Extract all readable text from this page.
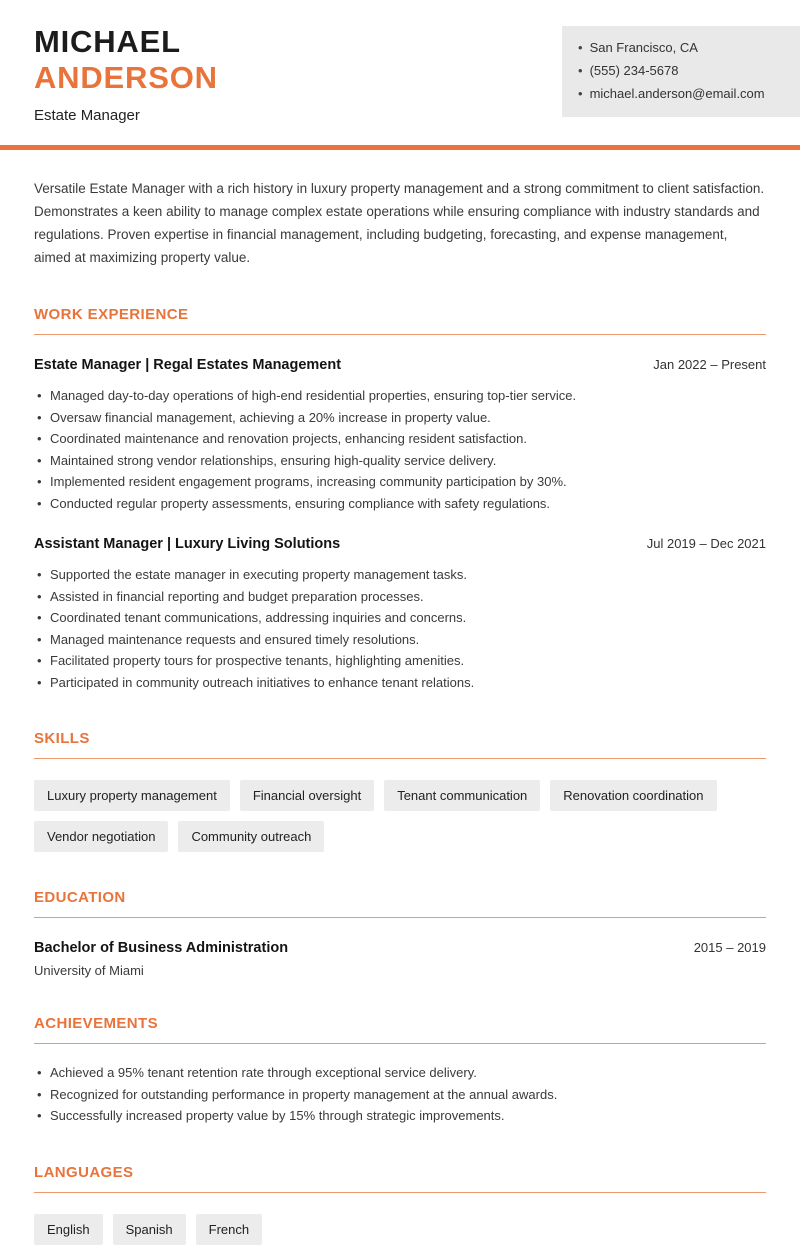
MICHAEL
ANDERSON
Estate Manager
• San Francisco, CA
• (555) 234-5678
• michael.anderson@email.com

Versatile Estate Manager with a rich history in luxury property management and a strong commitment to client satisfaction. Demonstrates a keen ability to manage complex estate operations while ensuring compliance with industry standards and regulations. Proven expertise in financial management, including budgeting, forecasting, and expense management, aimed at maximizing property value.

WORK EXPERIENCE
Estate Manager | Regal Estates Management	Jan 2022 – Present
• Managed day-to-day operations of high-end residential properties, ensuring top-tier service.
• Oversaw financial management, achieving a 20% increase in property value.
• Coordinated maintenance and renovation projects, enhancing resident satisfaction.
• Maintained strong vendor relationships, ensuring high-quality service delivery.
• Implemented resident engagement programs, increasing community participation by 30%.
• Conducted regular property assessments, ensuring compliance with safety regulations.
Assistant Manager | Luxury Living Solutions	Jul 2019 – Dec 2021
• Supported the estate manager in executing property management tasks.
• Assisted in financial reporting and budget preparation processes.
• Coordinated tenant communications, addressing inquiries and concerns.
• Managed maintenance requests and ensured timely resolutions.
• Facilitated property tours for prospective tenants, highlighting amenities.
• Participated in community outreach initiatives to enhance tenant relations.
SKILLS
Luxury property management	Financial oversight	Tenant communication	Renovation coordination
Vendor negotiation	Community outreach
EDUCATION
Bachelor of Business Administration	2015 – 2019
University of Miami
ACHIEVEMENTS
• Achieved a 95% tenant retention rate through exceptional service delivery.
• Recognized for outstanding performance in property management at the annual awards.
• Successfully increased property value by 15% through strategic improvements.
LANGUAGES
English	Spanish	French
